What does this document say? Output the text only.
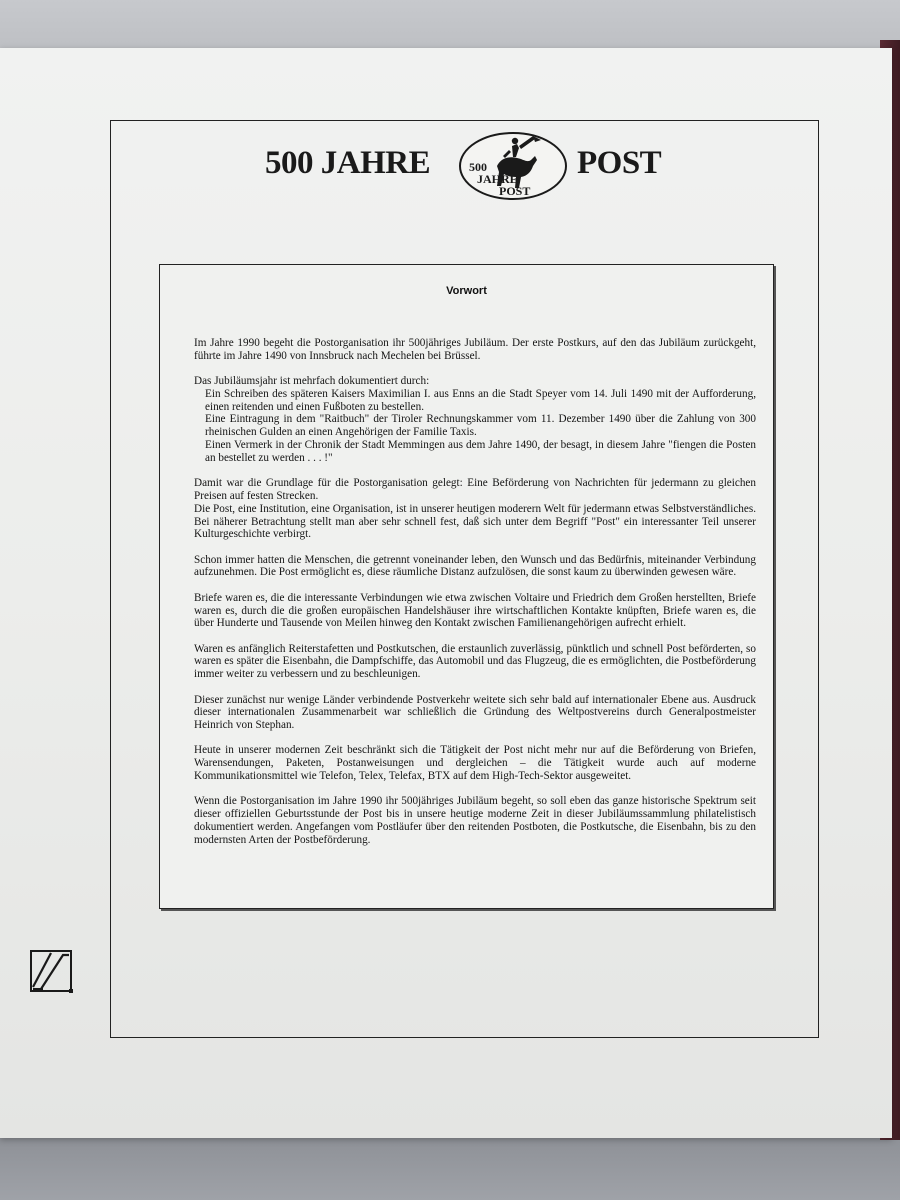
500 JAHRE	500
JAHRE
POST
POST
Vorwort

Im Jahre 1990 begeht die Postorganisation ihr 500jähriges Jubiläum. Der erste Postkurs, auf den das Jubiläum zurückgeht, führte im Jahre 1490 von Innsbruck nach Mechelen bei Brüssel.

Das Jubiläumsjahr ist mehrfach dokumentiert durch:

Ein Schreiben des späteren Kaisers Maximilian I. aus Enns an die Stadt Speyer vom 14. Juli 1490 mit der Aufforderung, einen reitenden und einen Fußboten zu bestellen.

Eine Eintragung in dem "Raitbuch" der Tiroler Rechnungskammer vom 11. Dezember 1490 über die Zahlung von 300 rheinischen Gulden an einen Angehörigen der Familie Taxis.

Einen Vermerk in der Chronik der Stadt Memmingen aus dem Jahre 1490, der besagt, in diesem Jahre "fiengen die Posten an bestellet zu werden . . . !"

Damit war die Grundlage für die Postorganisation gelegt: Eine Beförderung von Nachrichten für jedermann zu gleichen Preisen auf festen Strecken.

Die Post, eine Institution, eine Organisation, ist in unserer heutigen moderern Welt für jedermann etwas Selbstverständliches. Bei näherer Betrachtung stellt man aber sehr schnell fest, daß sich unter dem Begriff "Post" ein interessanter Teil unserer Kulturgeschichte verbirgt.

Schon immer hatten die Menschen, die getrennt voneinander leben, den Wunsch und das Bedürfnis, miteinander Verbindung aufzunehmen. Die Post ermöglicht es, diese räumliche Distanz aufzulösen, die sonst kaum zu überwinden gewesen wäre.

Briefe waren es, die die interessante Verbindungen wie etwa zwischen Voltaire und Friedrich dem Großen herstellten, Briefe waren es, durch die die großen europäischen Handelshäuser ihre wirtschaftlichen Kontakte knüpften, Briefe waren es, die über Hunderte und Tausende von Meilen hinweg den Kontakt zwischen Familienangehörigen aufrecht erhielt.

Waren es anfänglich Reiterstafetten und Postkutschen, die erstaunlich zuverlässig, pünktlich und schnell Post beförderten, so waren es später die Eisenbahn, die Dampfschiffe, das Automobil und das Flugzeug, die es ermöglichten, die Postbeförderung immer weiter zu verbessern und zu beschleunigen.

Dieser zunächst nur wenige Länder verbindende Postverkehr weitete sich sehr bald auf internationaler Ebene aus. Ausdruck dieser internationalen Zusammenarbeit war schließlich die Gründung des Weltpostvereins durch Generalpostmeister Heinrich von Stephan.

Heute in unserer modernen Zeit beschränkt sich die Tätigkeit der Post nicht mehr nur auf die Beförderung von Briefen, Warensendungen, Paketen, Postanweisungen und dergleichen – die Tätigkeit wurde auch auf moderne Kommunikationsmittel wie Telefon, Telex, Telefax, BTX auf dem High-Tech-Sektor ausgeweitet.

Wenn die Postorganisation im Jahre 1990 ihr 500jähriges Jubiläum begeht, so soll eben das ganze historische Spektrum seit dieser offiziellen Geburtsstunde der Post bis in unsere heutige moderne Zeit in dieser Jubiläumssammlung philatelistisch dokumentiert werden. Angefangen vom Postläufer über den reitenden Postboten, die Postkutsche, die Eisenbahn, bis zu den modernsten Arten der Postbeförderung.
